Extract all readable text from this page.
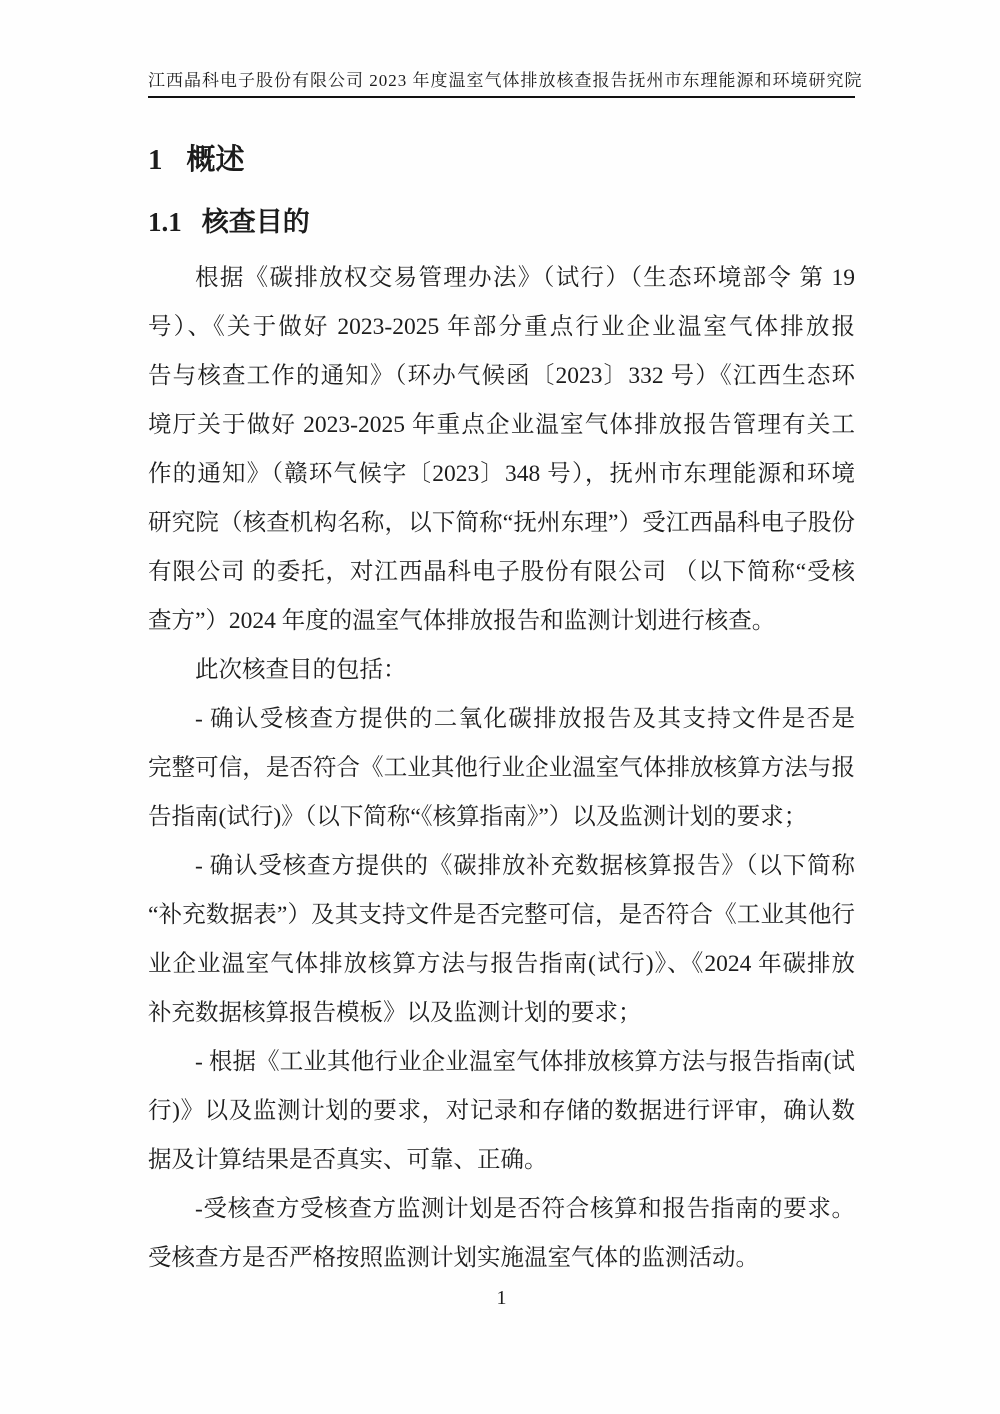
江西晶科电子股份有限公司 2023 年度温室气体排放核查报告 抚州市东理能源和环境研究院
1 概述
1.1 核查目的
根据《碳排放权交易管理办法》（试行）（生态环境部令 第 19
号）、《关于做好 2023-2025 年部分重点行业企业温室气体排放报
告与核查工作的通知》（环办气候函〔2023〕332 号）《江西生态环
境厅关于做好 2023-2025 年重点企业温室气体排放报告管理有关工
作的通知》（赣环气候字〔2023〕348 号），抚州市东理能源和环境
研究院（核查机构名称，以下简称“抚州东理”）受江西晶科电子股份
有限公司 的委托，对江西晶科电子股份有限公司 （以下简称“受核
查方”）2024 年度的温室气体排放报告和监测计划进行核查。
此次核查目的包括：
- 确认受核查方提供的二氧化碳排放报告及其支持文件是否是
完整可信，是否符合《工业其他行业企业温室气体排放核算方法与报
告指南(试行)》（以下简称“《核算指南》”）以及监测计划的要求；
- 确认受核查方提供的《碳排放补充数据核算报告》（以下简称
“补充数据表”）及其支持文件是否完整可信，是否符合《工业其他行
业企业温室气体排放核算方法与报告指南(试行)》、《2024 年碳排放
补充数据核算报告模板》以及监测计划的要求；
- 根据《工业其他行业企业温室气体排放核算方法与报告指南(试
行)》以及监测计划的要求，对记录和存储的数据进行评审，确认数
据及计算结果是否真实、可靠、正确。
-受核查方受核查方监测计划是否符合核算和报告指南的要求。
受核查方是否严格按照监测计划实施温室气体的监测活动。
1
